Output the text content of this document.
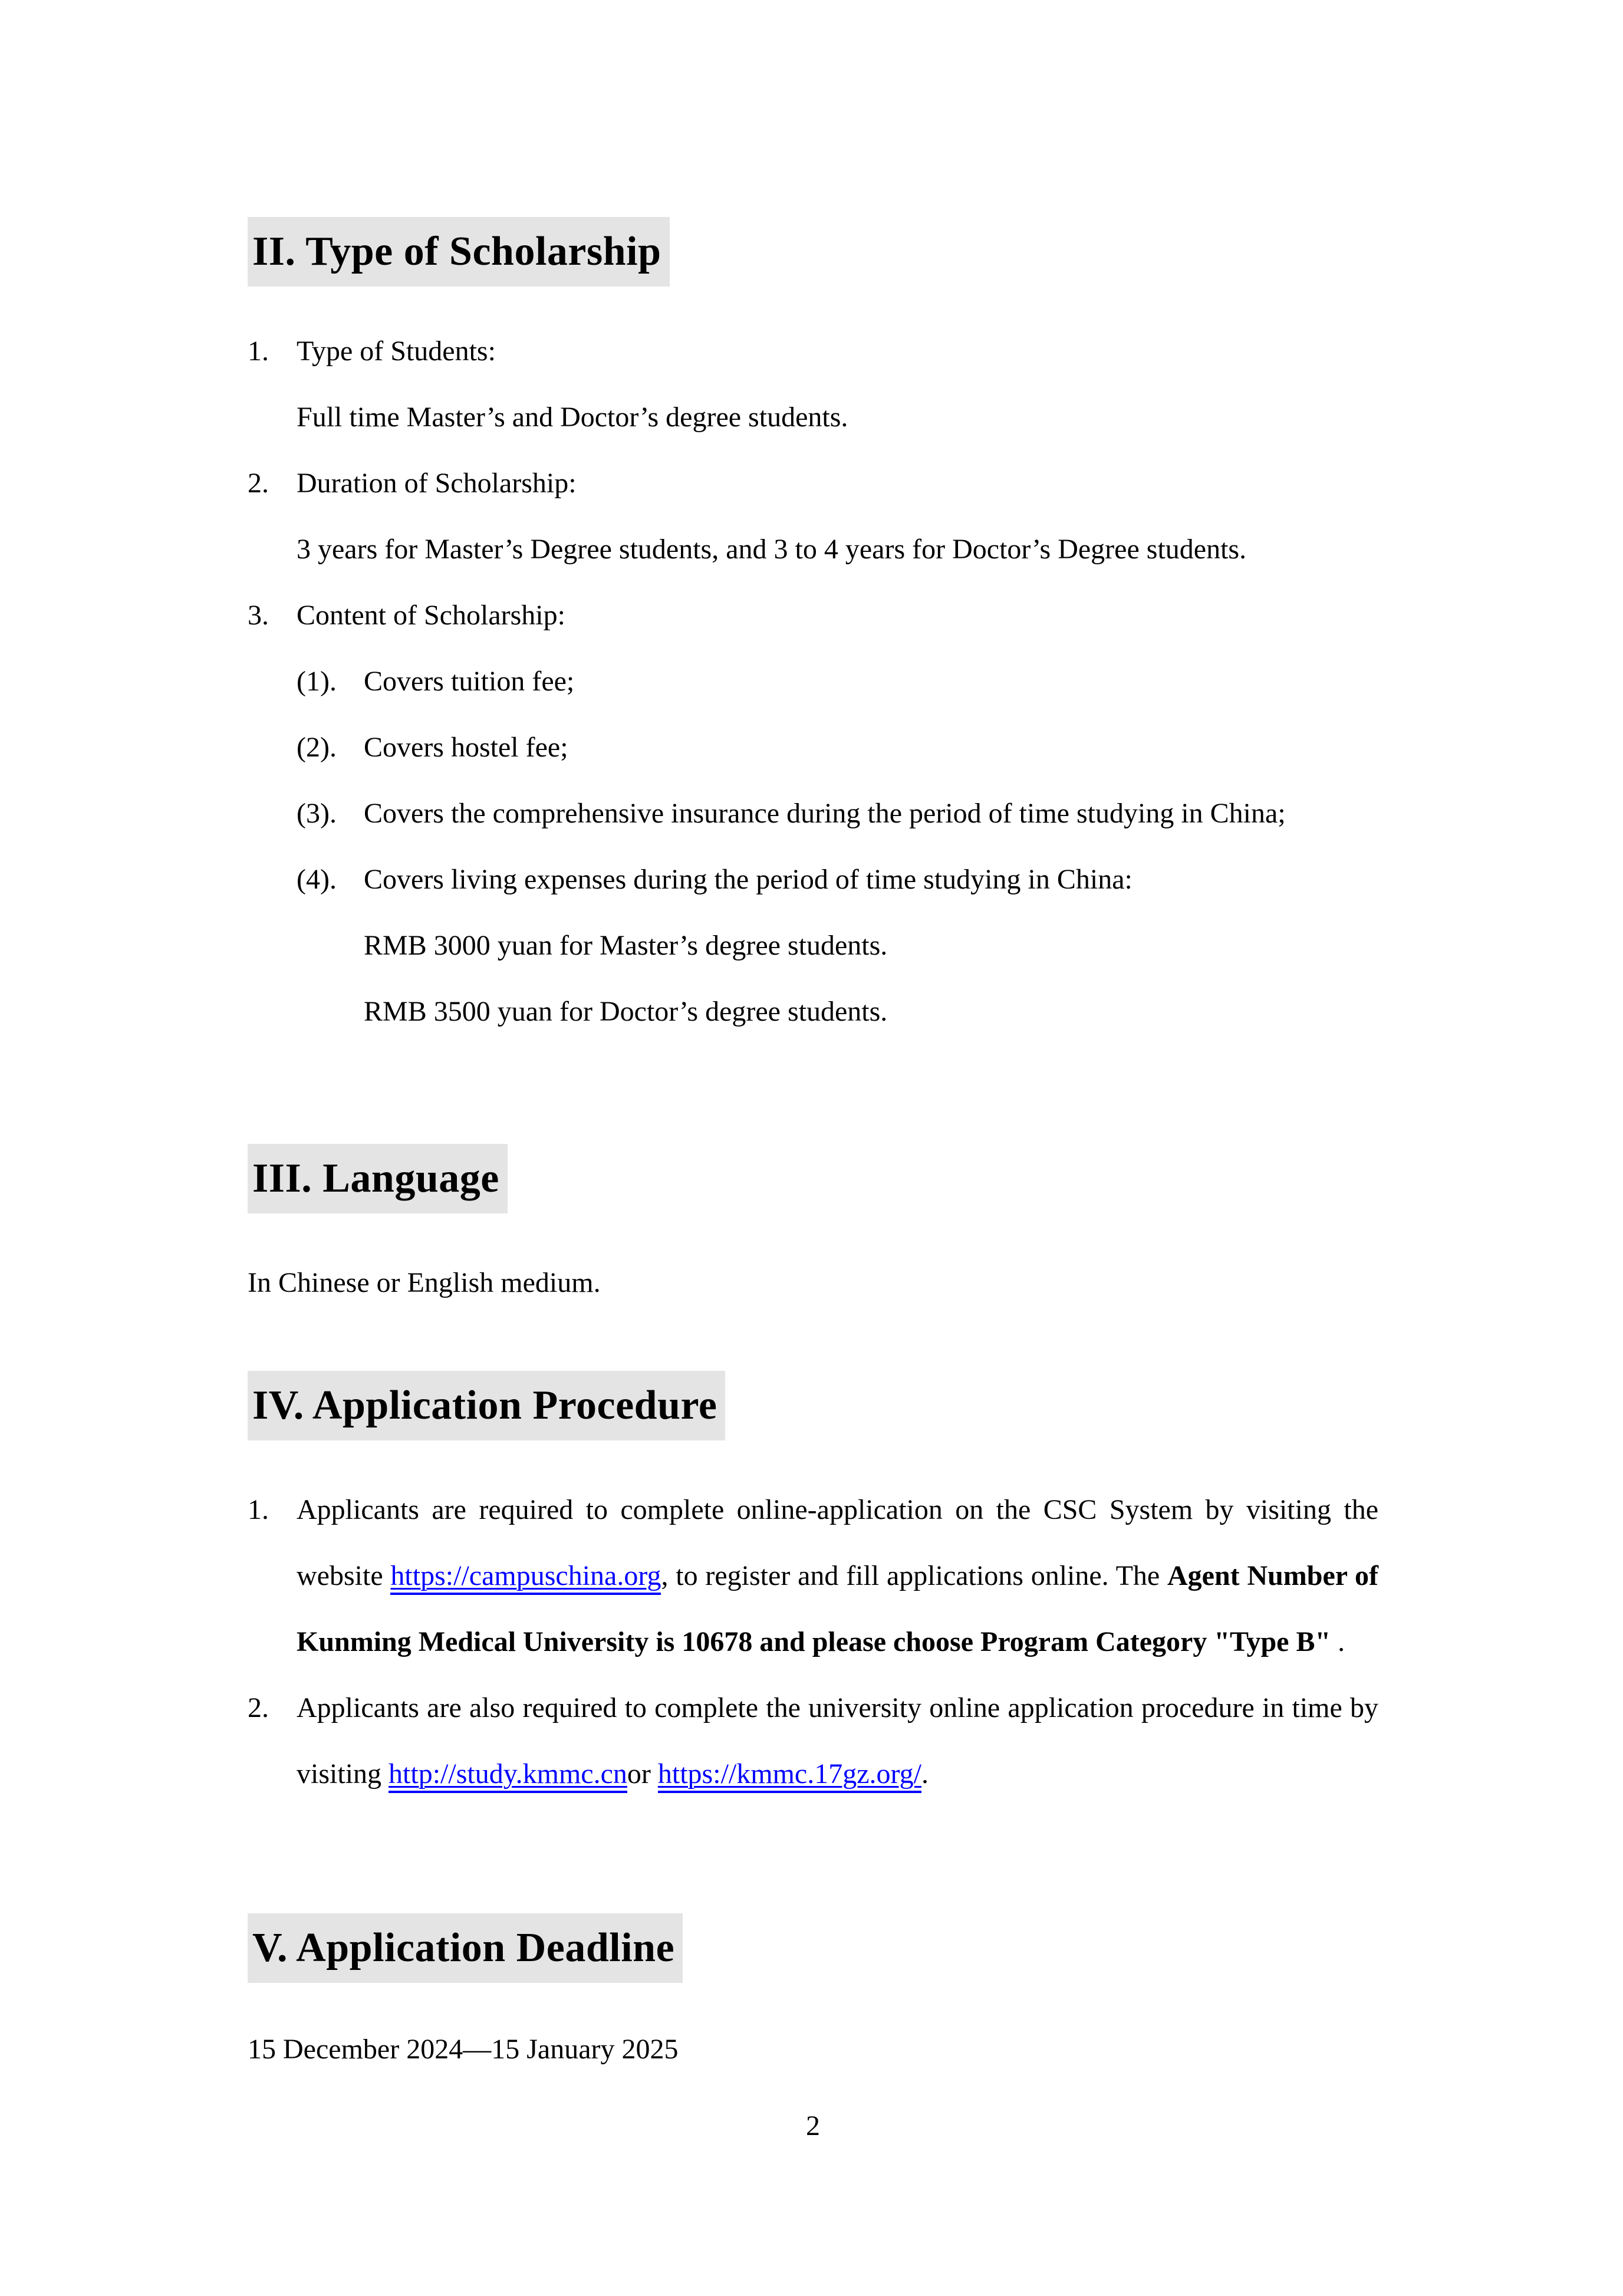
II. Type of Scholarship
1. Type of Students:
Full time Master’s and Doctor’s degree students.
2. Duration of Scholarship:
3 years for Master’s Degree students, and 3 to 4 years for Doctor’s Degree students.
3. Content of Scholarship:
(1). Covers tuition fee;
(2). Covers hostel fee;
(3). Covers the comprehensive insurance during the period of time studying in China;
(4). Covers living expenses during the period of time studying in China:
RMB 3000 yuan for Master’s degree students.
RMB 3500 yuan for Doctor’s degree students.
III. Language
In Chinese or English medium.
IV. Application Procedure
1. Applicants are required to complete online-application on the CSC System by visiting the website https://campuschina.org, to register and fill applications online. The Agent Number of Kunming Medical University is 10678 and please choose Program Category "Type B" .
2. Applicants are also required to complete the university online application procedure in time by visiting http://study.kmmc.cnor https://kmmc.17gz.org/.
V. Application Deadline
15 December 2024—15 January 2025
2
